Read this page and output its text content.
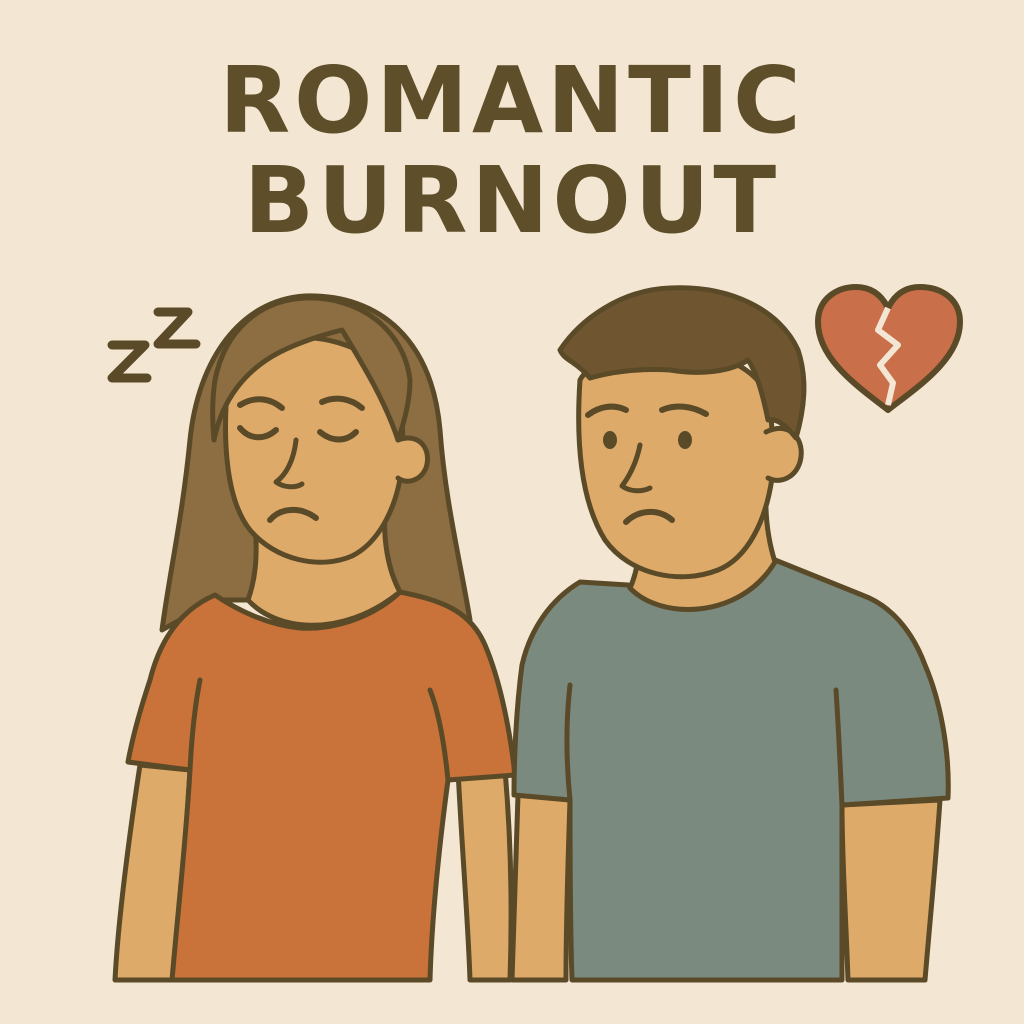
ROMANTIC
BURNOUT
